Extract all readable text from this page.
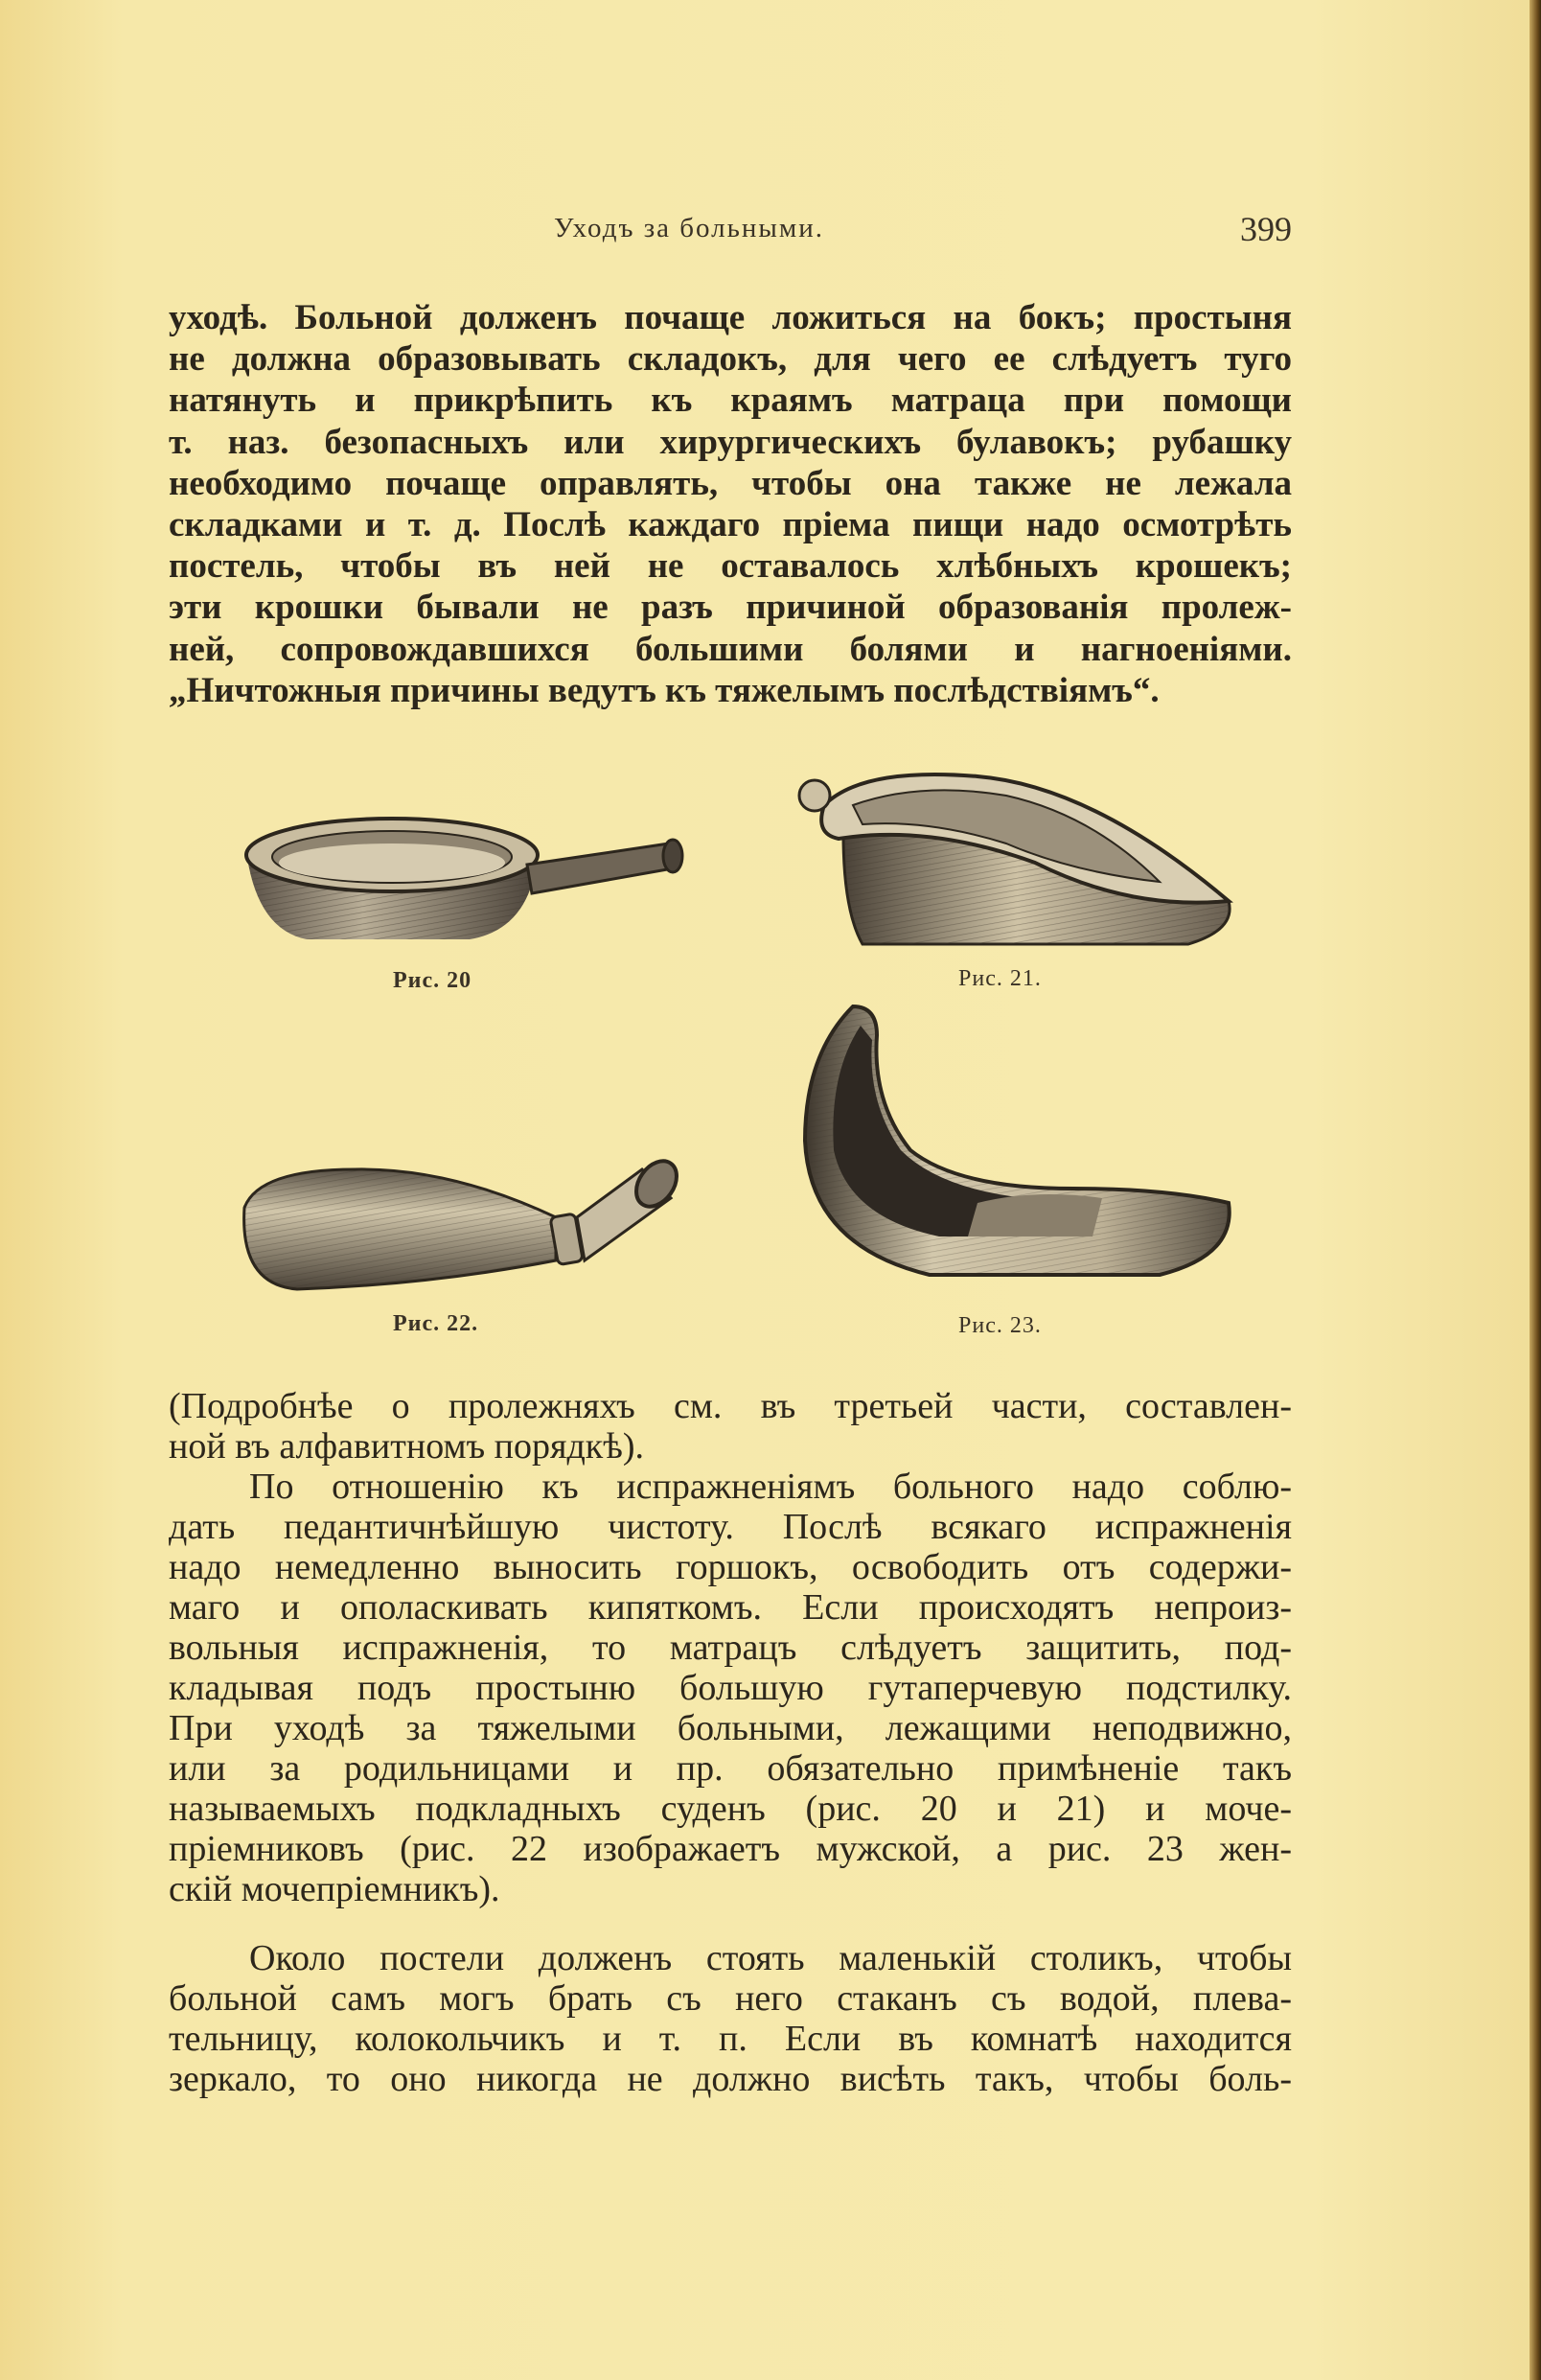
Уходъ за больными.	399
уходѣ. Больной долженъ почаще ложиться на бокъ; простыня
не должна образовывать складокъ, для чего ее слѣдуетъ туго
натянуть и прикрѣпить къ краямъ матраца при помощи
т. наз. безопасныхъ или хирургическихъ булавокъ; рубашку
необходимо почаще оправлять, чтобы она также не лежала
складками и т. д. Послѣ каждаго пріема пищи надо осмотрѣть
постель, чтобы въ ней не оставалось хлѣбныхъ крошекъ;
эти крошки бывали не разъ причиной образованія пролеж-
ней, сопровождавшихся большими болями и нагноеніями.
„Ничтожныя причины ведутъ къ тяжелымъ послѣдствіямъ“.
Рис. 20	Рис. 21.
Рис. 22.	Рис. 23.
(Подробнѣе о пролежняхъ см. въ третьей части, составлен-
ной въ алфавитномъ порядкѣ).
По отношенію къ испражненіямъ больного надо соблю-
дать педантичнѣйшую чистоту. Послѣ всякаго испражненія
надо немедленно выносить горшокъ, освободить отъ содержи-
маго и ополаскивать кипяткомъ. Если происходятъ непроиз-
вольныя испражненія, то матрацъ слѣдуетъ защитить, под-
кладывая подъ простыню большую гутаперчевую подстилку.
При уходѣ за тяжелыми больными, лежащими неподвижно,
или за родильницами и пр. обязательно примѣненіе такъ
называемыхъ подкладныхъ суденъ (рис. 20 и 21) и моче-
пріемниковъ (рис. 22 изображаетъ мужской, а рис. 23 жен-
скій мочепріемникъ).
Около постели долженъ стоять маленькій столикъ, чтобы
больной самъ могъ брать съ него стаканъ съ водой, плева-
тельницу, колокольчикъ и т. п. Если въ комнатѣ находится
зеркало, то оно никогда не должно висѣть такъ, чтобы боль-
